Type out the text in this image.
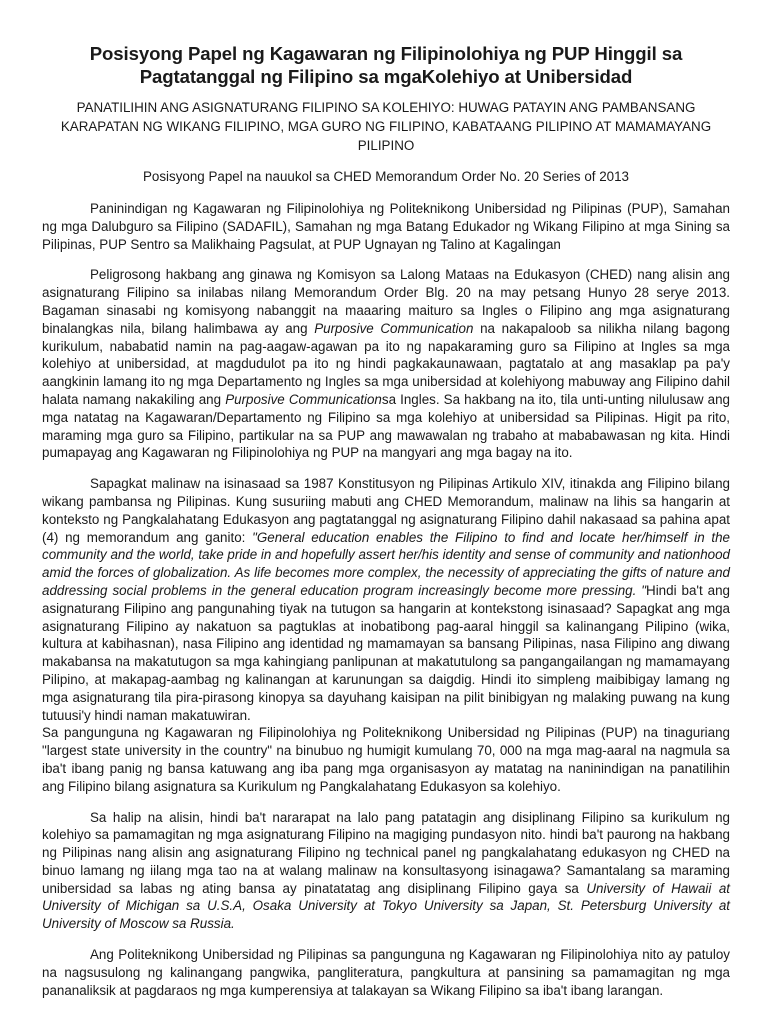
Posisyong Papel ng Kagawaran ng Filipinolohiya ng PUP Hinggil sa Pagtatanggal ng Filipino sa mgaKolehiyo at Unibersidad
PANATILIHIN ANG ASIGNATURANG FILIPINO SA KOLEHIYO: HUWAG PATAYIN ANG PAMBANSANG KARAPATAN NG WIKANG FILIPINO, MGA GURO NG FILIPINO, KABATAANG PILIPINO AT MAMAMAYANG PILIPINO
Posisyong Papel na nauukol sa CHED Memorandum Order No. 20 Series of 2013

Paninindigan ng Kagawaran ng Filipinolohiya ng Politeknikong Unibersidad ng Pilipinas (PUP), Samahan ng mga Dalubguro sa Filipino (SADAFIL), Samahan ng mga Batang Edukador ng Wikang Filipino at mga Sining sa Pilipinas, PUP Sentro sa Malikhaing Pagsulat, at PUP Ugnayan ng Talino at Kagalingan

Peligrosong hakbang ang ginawa ng Komisyon sa Lalong Mataas na Edukasyon (CHED) nang alisin ang asignaturang Filipino sa inilabas nilang Memorandum Order Blg. 20 na may petsang Hunyo 28 serye 2013. Bagaman sinasabi ng komisyong nabanggit na maaaring maituro sa Ingles o Filipino ang mga asignaturang binalangkas nila, bilang halimbawa ay ang Purposive Communication na nakapaloob sa nilikha nilang bagong kurikulum, nababatid namin na pag-aagaw-agawan pa ito ng napakaraming guro sa Filipino at Ingles sa mga kolehiyo at unibersidad, at magdudulot pa ito ng hindi pagkakaunawaan, pagtatalo at ang masaklap pa pa'y aangkinin lamang ito ng mga Departamento ng Ingles sa mga unibersidad at kolehiyong mabuway ang Filipino dahil halata namang nakakiling ang Purposive Communicationsa Ingles. Sa hakbang na ito, tila unti-unting nilulusaw ang mga natatag na Kagawaran/Departamento ng Filipino sa mga kolehiyo at unibersidad sa Pilipinas. Higit pa rito, maraming mga guro sa Filipino, partikular na sa PUP ang mawawalan ng trabaho at mababawasan ng kita. Hindi pumapayag ang Kagawaran ng Filipinolohiya ng PUP na mangyari ang mga bagay na ito.

Sapagkat malinaw na isinasaad sa 1987 Konstitusyon ng Pilipinas Artikulo XIV, itinakda ang Filipino bilang wikang pambansa ng Pilipinas. Kung susuriing mabuti ang CHED Memorandum, malinaw na lihis sa hangarin at konteksto ng Pangkalahatang Edukasyon ang pagtatanggal ng asignaturang Filipino dahil nakasaad sa pahina apat (4) ng memorandum ang ganito: "General education enables the Filipino to find and locate her/himself in the community and the world, take pride in and hopefully assert her/his identity and sense of community and nationhood amid the forces of globalization. As life becomes more complex, the necessity of appreciating the gifts of nature and addressing social problems in the general education program increasingly become more pressing. "Hindi ba't ang asignaturang Filipino ang pangunahing tiyak na tutugon sa hangarin at kontekstong isinasaad? Sapagkat ang mga asignaturang Filipino ay nakatuon sa pagtuklas at inobatibong pag-aaral hinggil sa kalinangang Pilipino (wika, kultura at kabihasnan), nasa Filipino ang identidad ng mamamayan sa bansang Pilipinas, nasa Filipino ang diwang makabansa na makatutugon sa mga kahingiang panlipunan at makatutulong sa pangangailangan ng mamamayang Pilipino, at makapag-aambag ng kalinangan at karunungan sa daigdig. Hindi ito simpleng maibibigay lamang ng mga asignaturang tila pira-pirasong kinopya sa dayuhang kaisipan na pilit binibigyan ng malaking puwang na kung tutuusi'y hindi naman makatuwiran.

Sa pangunguna ng Kagawaran ng Filipinolohiya ng Politeknikong Unibersidad ng Pilipinas (PUP) na tinaguriang "largest state university in the country" na binubuo ng humigit kumulang 70, 000 na mga mag-aaral na nagmula sa iba't ibang panig ng bansa katuwang ang iba pang mga organisasyon ay matatag na naninindigan na panatilihin ang Filipino bilang asignatura sa Kurikulum ng Pangkalahatang Edukasyon sa kolehiyo.

Sa halip na alisin, hindi ba't nararapat na lalo pang patatagin ang disiplinang Filipino sa kurikulum ng kolehiyo sa pamamagitan ng mga asignaturang Filipino na magiging pundasyon nito. hindi ba't paurong na hakbang ng Pilipinas nang alisin ang asignaturang Filipino ng technical panel ng pangkalahatang edukasyon ng CHED na binuo lamang ng iilang mga tao na at walang malinaw na konsultasyong isinagawa? Samantalang sa maraming unibersidad sa labas ng ating bansa ay pinatatatag ang disiplinang Filipino gaya sa University of Hawaii at University of Michigan sa U.S.A, Osaka University at Tokyo University sa Japan, St. Petersburg University at University of Moscow sa Russia.

Ang Politeknikong Unibersidad ng Pilipinas sa pangunguna ng Kagawaran ng Filipinolohiya nito ay patuloy na nagsusulong ng kalinangang pangwika, pangliteratura, pangkultura at pansining sa pamamagitan ng mga pananaliksik at pagdaraos ng mga kumperensiya at talakayan sa Wikang Filipino sa iba't ibang larangan.
